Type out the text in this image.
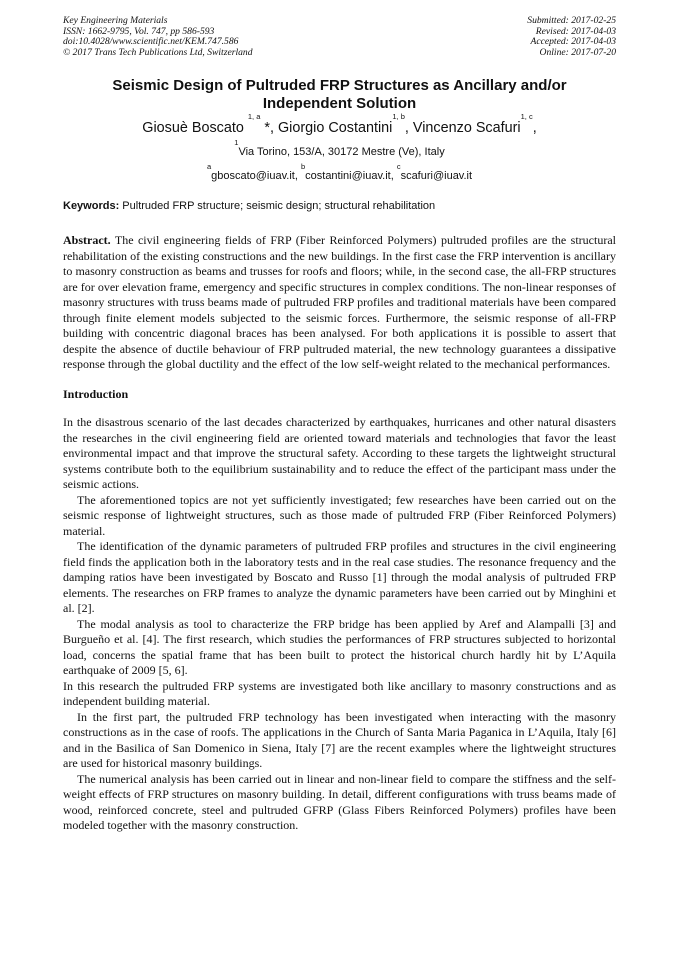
Key Engineering Materials
ISSN: 1662-9795, Vol. 747, pp 586-593
doi:10.4028/www.scientific.net/KEM.747.586
© 2017 Trans Tech Publications Ltd, Switzerland
Submitted: 2017-02-25
Revised: 2017-04-03
Accepted: 2017-04-03
Online: 2017-07-20
Seismic Design of Pultruded FRP Structures as Ancillary and/or
Independent Solution
Giosuè Boscato $^{1, a}$ *, Giorgio Costantini$^{1, b}$, Vincenzo Scafuri$^{1, c}$,
$^1$Via Torino, 153/A, 30172 Mestre (Ve), Italy
$^a$gboscato@iuav.it, $^b$costantini@iuav.it, $^c$scafuri@iuav.it
Keywords: Pultruded FRP structure; seismic design; structural rehabilitation
Abstract. The civil engineering fields of FRP (Fiber Reinforced Polymers) pultruded profiles are the structural rehabilitation of the existing constructions and the new buildings. In the first case the FRP intervention is ancillary to masonry construction as beams and trusses for roofs and floors; while, in the second case, the all-FRP structures are for over elevation frame, emergency and specific structures in complex conditions. The non-linear responses of masonry structures with truss beams made of pultruded FRP profiles and traditional materials have been compared through finite element models subjected to the seismic forces. Furthermore, the seismic response of all-FRP building with concentric diagonal braces has been analysed. For both applications it is possible to assert that despite the absence of ductile behaviour of FRP pultruded material, the new technology guarantees a dissipative response through the global ductility and the effect of the low self-weight related to the mechanical performances.
Introduction

In the disastrous scenario of the last decades characterized by earthquakes, hurricanes and other natural disasters the researches in the civil engineering field are oriented toward materials and technologies that favor the least environmental impact and that improve the structural safety. According to these targets the lightweight structural systems contribute both to the equilibrium sustainability and to reduce the effect of the participant mass under the seismic actions.

The aforementioned topics are not yet sufficiently investigated; few researches have been carried out on the seismic response of lightweight structures, such as those made of pultruded FRP (Fiber Reinforced Polymers) material.

The identification of the dynamic parameters of pultruded FRP profiles and structures in the civil engineering field finds the application both in the laboratory tests and in the real case studies. The resonance frequency and the damping ratios have been investigated by Boscato and Russo [1] through the modal analysis of pultruded FRP elements. The researches on FRP frames to analyze the dynamic parameters have been carried out by Minghini et al. [2].

The modal analysis as tool to characterize the FRP bridge has been applied by Aref and Alampalli [3] and Burgueño et al. [4]. The first research, which studies the performances of FRP structures subjected to horizontal load, concerns the spatial frame that has been built to protect the historical church hardly hit by L’Aquila earthquake of 2009 [5, 6].

In this research the pultruded FRP systems are investigated both like ancillary to masonry constructions and as independent building material.

In the first part, the pultruded FRP technology has been investigated when interacting with the masonry constructions as in the case of roofs. The applications in the Church of Santa Maria Paganica in L’Aquila, Italy [6] and in the Basilica of San Domenico in Siena, Italy [7] are the recent examples where the lightweight structures are used for historical masonry buildings.

The numerical analysis has been carried out in linear and non-linear field to compare the stiffness and the self-weight effects of FRP structures on masonry building. In detail, different configurations with truss beams made of wood, reinforced concrete, steel and pultruded GFRP (Glass Fibers Reinforced Polymers) profiles have been modeled together with the masonry construction.
